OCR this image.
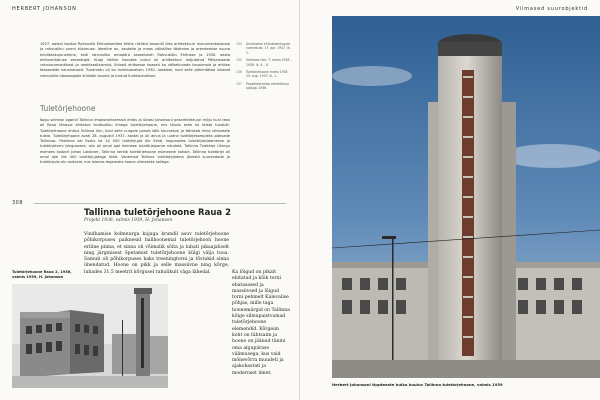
HERBERT JOHANSON
1927. aastal loodud Rahvuslik Ehituskomitee tõstis riiklikul tasandil üles arhitektuuri monumentaalsuse ja rahvusliku vormi küsimuse. Ideeline on, asutatle ja maas välistiilse tõstmise ja arendamise suuna kindlakskujunemine, esiti rahvusliku omapära seoselukeh Rahvusliku Ehitusse ja 1930. aasta ehitusmääruse eesmärgid. Kuigi riiklike hoonete puhul oli arhitektuur mõjutatud Põhjamaade rahvusromantikast ja neoklassitsismist, lihtsalt ehitsesse kaasati ka väikelinnade kaunimaid ja ehitise fassaadide kaunistused. Tundmatu oli ka funktsionalism 1930. aastatel, kuid selle põhimõtted lubasid rahvuslike ideoloogiale küllaltki kaunid ja tuntud funktsionalismi.
244	Arutatakse ehitustoimingute vormistust. 17. apr. 1937, lk. 1.
245	Vahtrose nim. T. maha 1936 – 1938. lk. 4 – 6.
246	Tuletõrjehoone maha 1935. 29. aug. 1937, lk. 1.
247	Projekteerimise arhitektuuri ajalugu 1936.
Tuletõrjehoone
Kogu selmise oganid Tallinna impeorantsemaid ehitis ja üldasi Johansoni pesarhitektuuri mõju kuni teos oli Raua tänaval ehitatud kindlusliku ilmega tuletõrjehoone, mis tõusis esile ka teiste tuvalult. Tuletõrjehoone ehitus Tallinna linn, kuid selle nurgale paneb kõik kaunistusi ja tähistab linna nikkalsele tulele. Tuletõrjehoone avati 28. augustil 1937. aastal ja oli ainus ja uudne tuletõrjekompleks päevade Tallinnas. Pealinna sai lisaks ka 14 000 tuletõrjujat üle Eesti, kogunedes tuletõrjesüdamesse ja tuletõrjetorni kõrgusesse, mis oli omal ajal esimese tuletõrjejaama nõudeid. Tallinna Tuletõrje Ühingu esimees kolonel Johan Laidoner, Tallinna kerkib tuletõrjehoone esimesele kohale. Tallinna tuletõrjel oli omal ajal üle 400 tuletõrjujatega tööd. Vanemad Tallinna tuletõrjejaama jõudsid suurendada ja tuletõrjuda elu andvaid, mis laienes tegemaks hoone viimaseks sellega.
308
Tallinna tuletõrjehoone Raua 2
Projekt 1936, valmis 1939, H. Johanson
Vindhamise kolmnurga kujuga krundil asuv tuletõrjehoone põhikorpuses paiknesid hallhoonemal tuletõrjehooli hoone eriline pinna, et sinna oli võimalik sõita ja lubati pikaajaliselt ning järgmisest õpetamist tuletõrjehoone külgi välja tuua. Samuti oli põhikorpuses kaks treeningtorni ja tõstukid sinna ühendatud. Hoone on pikk ja selle massiivne ning kõrge, lubades 31,5 meetrit kõrgusel rahulikult väga lähedal.	Ka lõigud on pikalt ehitatud ja kõik torni ebatasased ja massiivsed ja lõigud torni pehmelt Kalevalise põhjas, mille taga hoonemärgid on Tallinna kõige silmapaistvamad tuletõrjehoone elemendid. Kõrgeim koht on tähtsaim ja hoone on jäänud tänini oma algupärase välimusega, kus vaid mõnevõrra muudeti ja ajakohastati ja modernset ilmet.
Tuletõrjehoone Raua 2, 1936, valmis 1939, H. Johanson
Viimased suurobjektid
Herbert Johansoni tippteoste hulka kuuluv Tallinna tuletõrjehoone, valmis 1939
